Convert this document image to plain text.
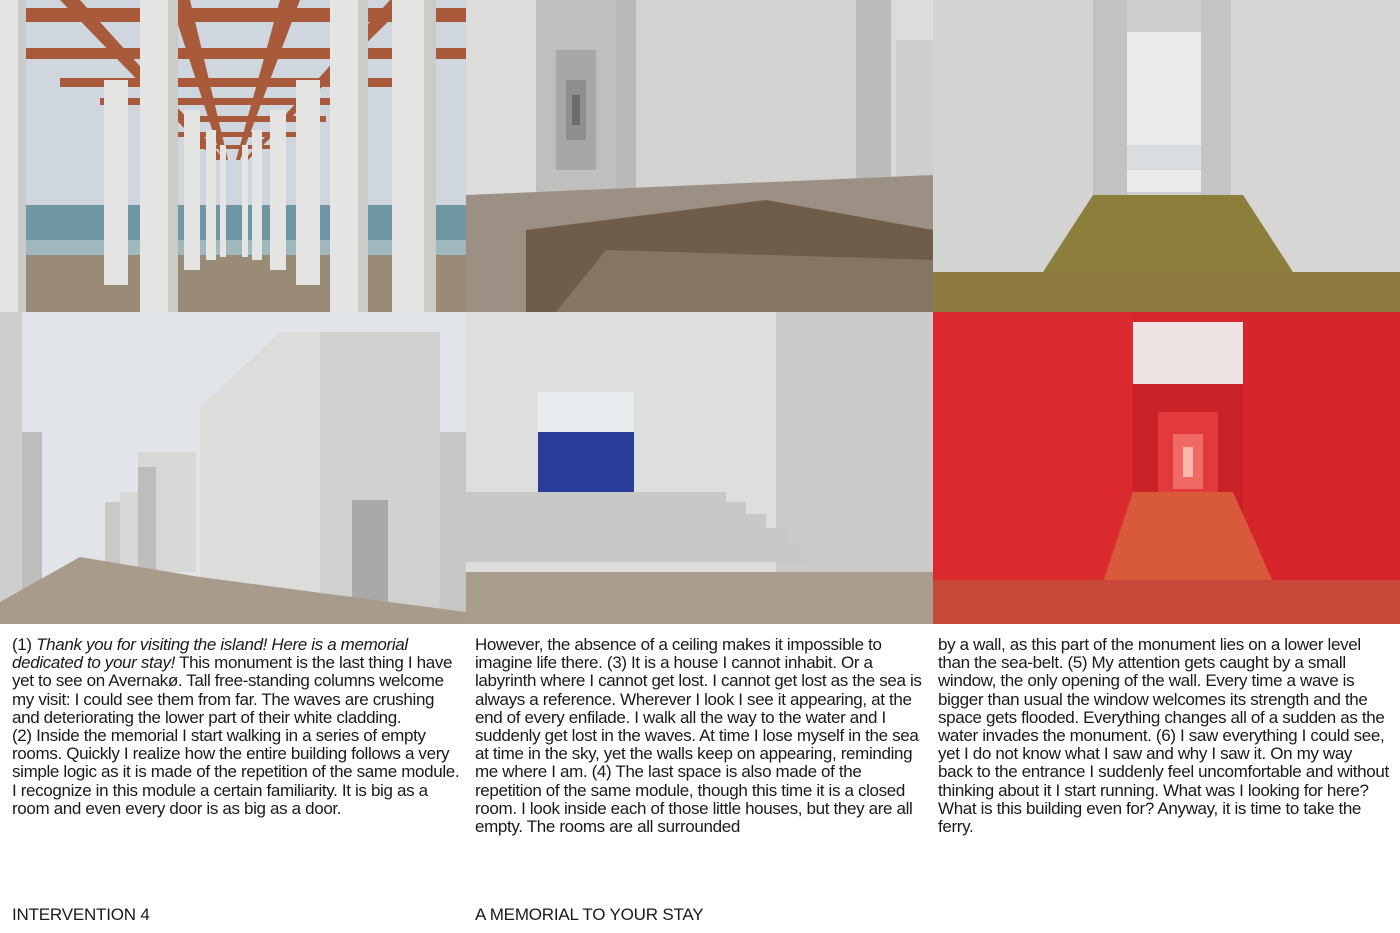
(1) Thank you for visiting the island! Here is a memorial dedicated to your stay! This monument is the last thing I have yet to see on Avernakø. Tall free-standing columns welcome my visit: I could see them from far. The waves are crushing and deteriorating the lower part of their white cladding.

(2) Inside the memorial I start walking in a series of empty rooms. Quickly I realize how the entire building follows a very simple logic as it is made of the repetition of the same module. I recognize in this module a certain familiarity. It is big as a room and even every door is as big as a door.

However, the absence of a ceiling makes it impossible to imagine life there. (3) It is a house I cannot inhabit. Or a labyrinth where I cannot get lost. I cannot get lost as the sea is always a reference. Wherever I look I see it appearing, at the end of every enfilade. I walk all the way to the water and I suddenly get lost in the waves. At time I lose myself in the sea at time in the sky, yet the walls keep on appearing, reminding me where I am. (4) The last space is also made of the repetition of the same module, though this time it is a closed room. I look inside each of those little houses, but they are all empty. The rooms are all surrounded

by a wall, as this part of the monument lies on a lower level than the sea-belt. (5) My attention gets caught by a small window, the only opening of the wall. Every time a wave is bigger than usual the window welcomes its strength and the space gets flooded. Everything changes all of a sudden as the water invades the monument. (6) I saw everything I could see, yet I do not know what I saw and why I saw it. On my way back to the entrance I suddenly feel uncomfortable and without thinking about it I start running. What was I looking for here? What is this building even for? Anyway, it is time to take the ferry.

INTERVENTION 4	A MEMORIAL TO YOUR STAY
